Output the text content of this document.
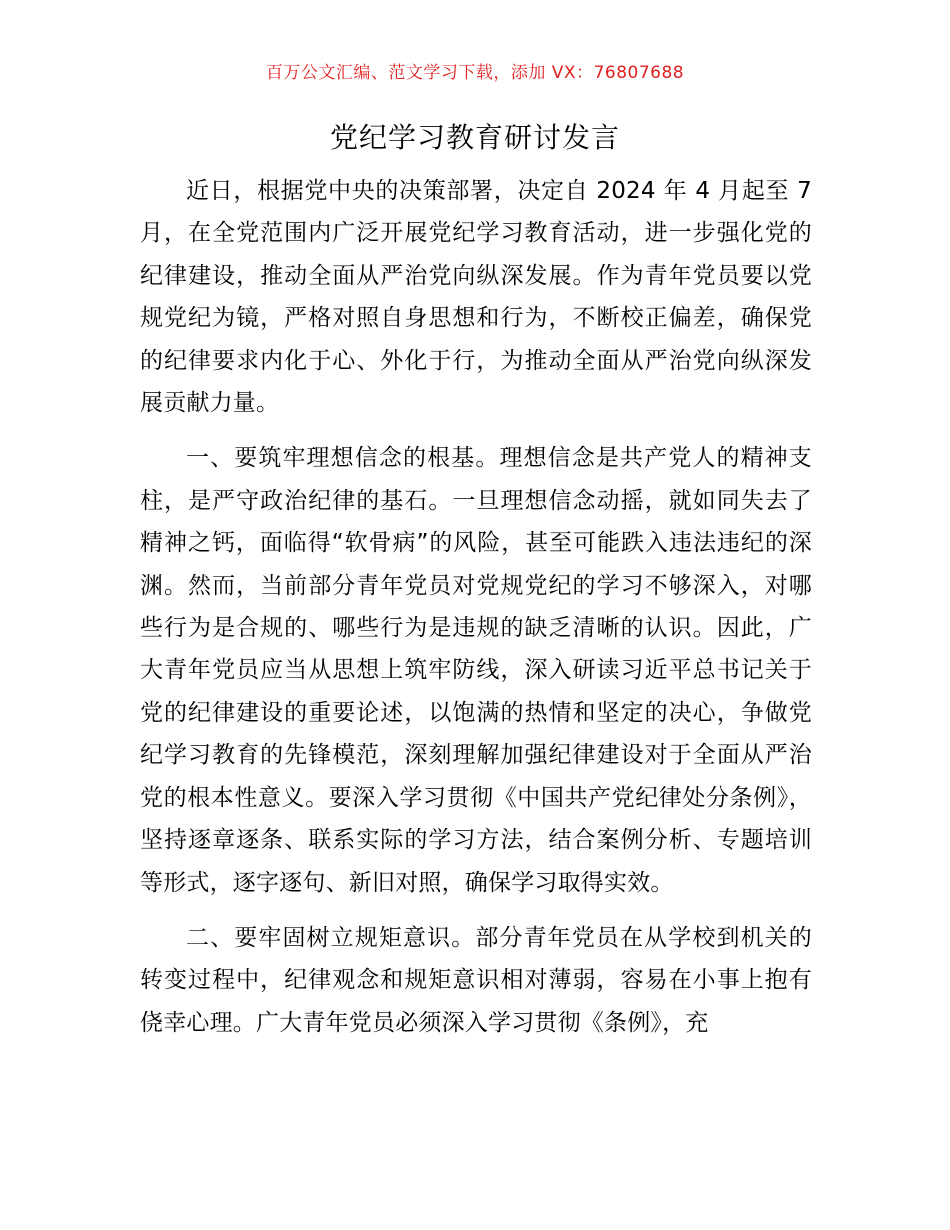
百万公文汇编、范文学习下载，添加 VX：76807688
党纪学习教育研讨发言

近日，根据党中央的决策部署，决定自 2024 年 4 月起至 7 月，在全党范围内广泛开展党纪学习教育活动，进一步强化党的纪律建设，推动全面从严治党向纵深发展。作为青年党员要以党规党纪为镜，严格对照自身思想和行为，不断校正偏差，确保党的纪律要求内化于心、外化于行，为推动全面从严治党向纵深发展贡献力量。

一、要筑牢理想信念的根基。理想信念是共产党人的精神支柱，是严守政治纪律的基石。一旦理想信念动摇，就如同失去了精神之钙，面临得“软骨病”的风险，甚至可能跌入违法违纪的深渊。然而，当前部分青年党员对党规党纪的学习不够深入，对哪些行为是合规的、哪些行为是违规的缺乏清晰的认识。因此，广大青年党员应当从思想上筑牢防线，深入研读习近平总书记关于党的纪律建设的重要论述，以饱满的热情和坚定的决心，争做党纪学习教育的先锋模范，深刻理解加强纪律建设对于全面从严治党的根本性意义。要深入学习贯彻《中国共产党纪律处分条例》，坚持逐章逐条、联系实际的学习方法，结合案例分析、专题培训等形式，逐字逐句、新旧对照，确保学习取得实效。

二、要牢固树立规矩意识。部分青年党员在从学校到机关的转变过程中，纪律观念和规矩意识相对薄弱，容易在小事上抱有侥幸心理。广大青年党员必须深入学习贯彻《条例》，充
